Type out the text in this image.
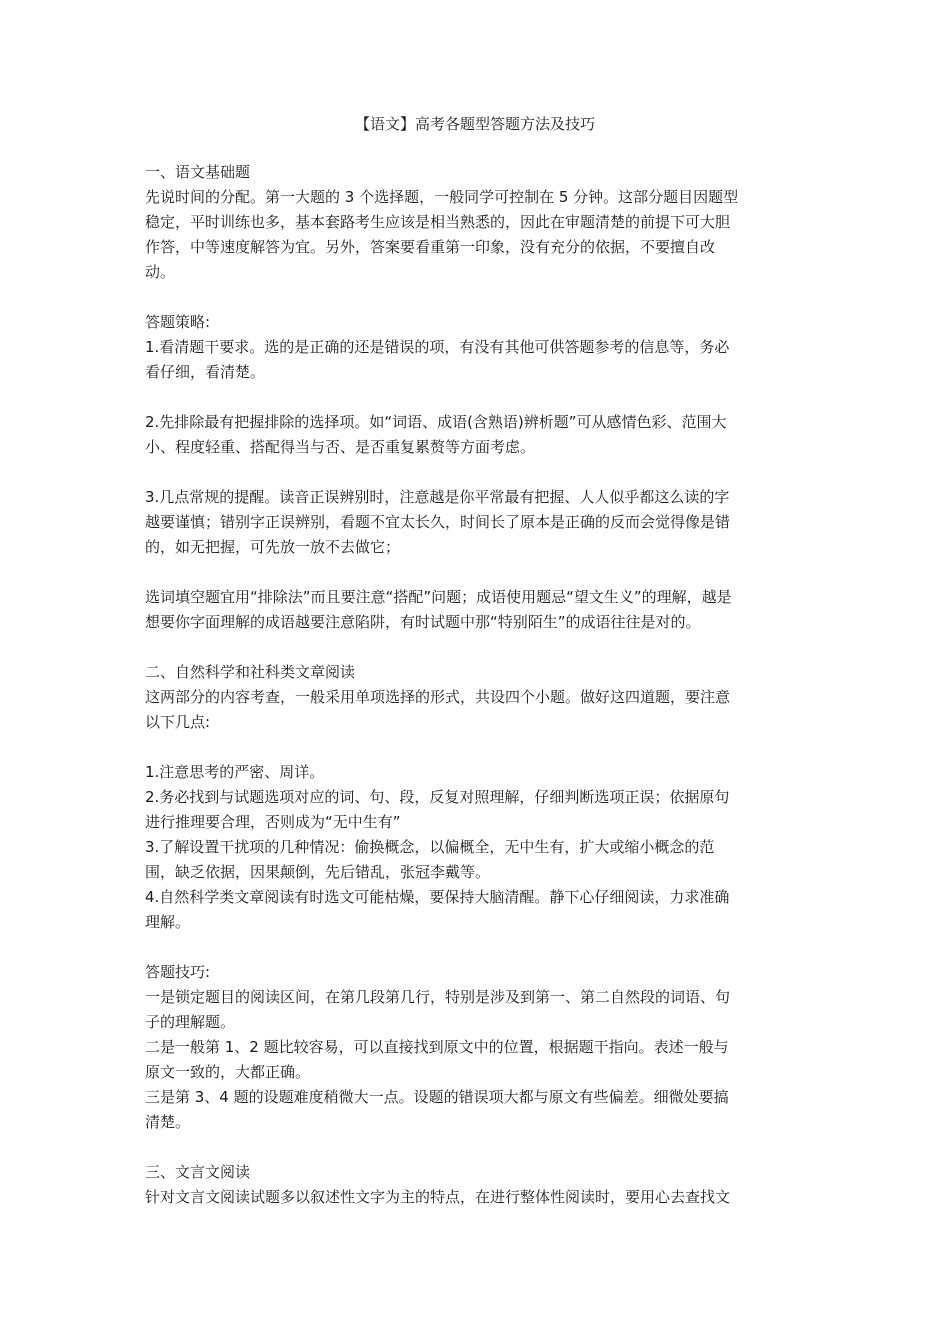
【语文】高考各题型答题方法及技巧
一、语文基础题
先说时间的分配。第一大题的 3 个选择题，一般同学可控制在 5 分钟。这部分题目因题型
稳定，平时训练也多，基本套路考生应该是相当熟悉的，因此在审题清楚的前提下可大胆
作答，中等速度解答为宜。另外，答案要看重第一印象，没有充分的依据，不要擅自改
动。
答题策略:
1.看清题干要求。选的是正确的还是错误的项，有没有其他可供答题参考的信息等，务必
看仔细，看清楚。
2.先排除最有把握排除的选择项。如“词语、成语(含熟语)辨析题”可从感情色彩、范围大
小、程度轻重、搭配得当与否、是否重复累赘等方面考虑。
3.几点常规的提醒。读音正误辨别时，注意越是你平常最有把握、人人似乎都这么读的字
越要谨慎；错别字正误辨别，看题不宜太长久，时间长了原本是正确的反而会觉得像是错
的，如无把握，可先放一放不去做它；
选词填空题宜用“排除法”而且要注意“搭配”问题；成语使用题忌“望文生义”的理解，越是
想要你字面理解的成语越要注意陷阱，有时试题中那“特别陌生”的成语往往是对的。
二、自然科学和社科类文章阅读
这两部分的内容考查，一般采用单项选择的形式，共设四个小题。做好这四道题，要注意
以下几点:
1.注意思考的严密、周详。
2.务必找到与试题选项对应的词、句、段，反复对照理解，仔细判断选项正误；依据原句
进行推理要合理，否则成为“无中生有”
3.了解设置干扰项的几种情况：偷换概念，以偏概全，无中生有，扩大或缩小概念的范
围，缺乏依据，因果颠倒，先后错乱，张冠李戴等。
4.自然科学类文章阅读有时选文可能枯燥，要保持大脑清醒。静下心仔细阅读，力求准确
理解。
答题技巧:
一是锁定题目的阅读区间，在第几段第几行，特别是涉及到第一、第二自然段的词语、句
子的理解题。
二是一般第 1、2 题比较容易，可以直接找到原文中的位置，根据题干指向。表述一般与
原文一致的，大都正确。
三是第 3、4 题的设题难度稍微大一点。设题的错误项大都与原文有些偏差。细微处要搞
清楚。
三、文言文阅读
针对文言文阅读试题多以叙述性文字为主的特点，在进行整体性阅读时，要用心去查找文
